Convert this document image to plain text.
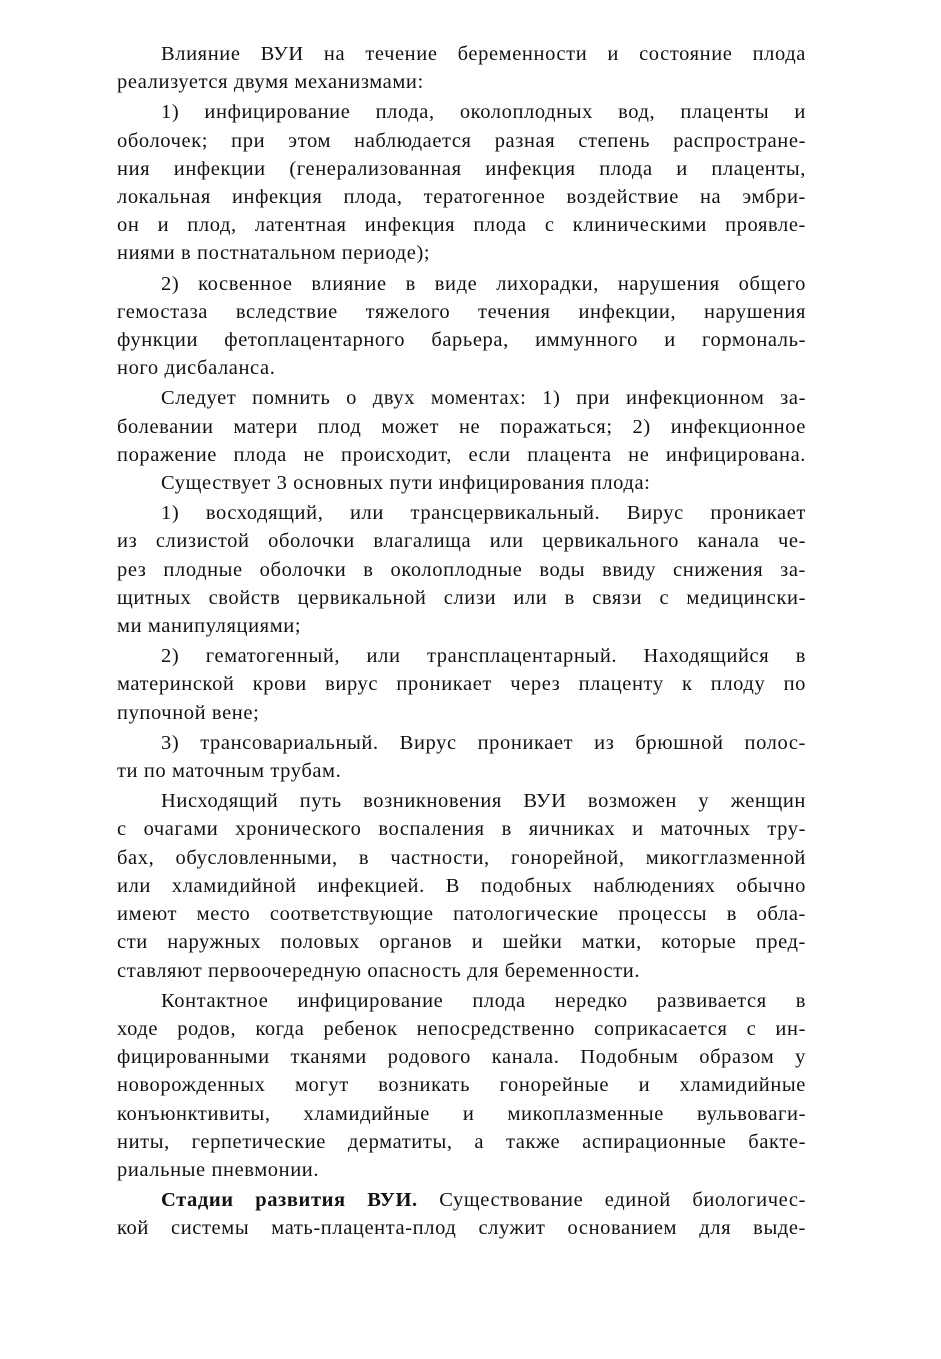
Влияние ВУИ на течение беременности и состояние плода
реализуется двумя механизмами:
1) инфицирование плода, околоплодных вод, плаценты и
оболочек; при этом наблюдается разная степень распростране-
ния инфекции (генерализованная инфекция плода и плаценты,
локальная инфекция плода, тератогенное воздействие на эмбри-
он и плод, латентная инфекция плода с клиническими проявле-
ниями в постнатальном периоде);
2) косвенное влияние в виде лихорадки, нарушения общего
гемостаза вследствие тяжелого течения инфекции, нарушения
функции фетоплацентарного барьера, иммунного и гормональ-
ного дисбаланса.
Следует помнить о двух моментах: 1) при инфекционном за-
болевании матери плод может не поражаться; 2) инфекционное
поражение плода не происходит, если плацента не инфицирована.
Существует 3 основных пути инфицирования плода:
1) восходящий, или трансцервикальный. Вирус проникает
из слизистой оболочки влагалища или цервикального канала че-
рез плодные оболочки в околоплодные воды ввиду снижения за-
щитных свойств цервикальной слизи или в связи с медицински-
ми манипуляциями;
2) гематогенный, или трансплацентарный. Находящийся в
материнской крови вирус проникает через плаценту к плоду по
пупочной вене;
3) трансовариальный. Вирус проникает из брюшной полос-
ти по маточным трубам.
Нисходящий путь возникновения ВУИ возможен у женщин
с очагами хронического воспаления в яичниках и маточных тру-
бах, обусловленными, в частности, гонорейной, микогглазменной
или хламидийной инфекцией. В подобных наблюдениях обычно
имеют место соответствующие патологические процессы в обла-
сти наружных половых органов и шейки матки, которые пред-
ставляют первоочередную опасность для беременности.
Контактное инфицирование плода нередко развивается в
ходе родов, когда ребенок непосредственно соприкасается с ин-
фицированными тканями родового канала. Подобным образом у
новорожденных могут возникать гонорейные и хламидийные
конъюнктивиты, хламидийные и микоплазменные вульвоваги-
ниты, герпетические дерматиты, а также аспирационные бакте-
риальные пневмонии.
Стадии развития ВУИ. Существование единой биологичес-
кой системы мать-плацента-плод служит основанием для выде-
